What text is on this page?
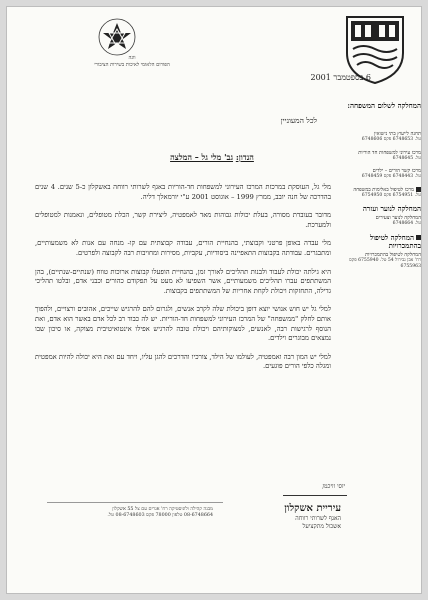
ווגה
הפורום הלאומי לאיכות בשירות הציבורי
6 בספטמבר 2001
המחלקה לשלום המשפחה:
לכל המעוניין
הנדון: גב' מלי גל – המלצה

מלי גל, העוסקת במרכזת המרכז העירוני למשפחות חד-הוריות באגף לשרותי רווחה באשקלון כ-5 שנים. 4 שנים בהדרכה של חנה יובב, ממרץ 1999 – אוגוסט 2001 ע"י יורמאלך דליה.

מדובר בעובדת מסורה, בעלת יכולות גבוהות מאד לאמפטיה, ליצירת קשר, הכלת מטופלים, ונאמנות למטופלים ולמערכת.

מלי עבדה באופן פרטני וקבוצתי, בהנחיית הורים, עבודה קבוצתית עם קו- מנחה עם אנות לא משמעותיים, ומתבגרים. עבודתה בקבוצות התאפיינה ביסודיות, עקביות, מסירות ומחויבות רבה לקבוצה ולפרטים.

היא גילתה יכולת לעבוד ולבנות תהליכים לאורך זמן, בהנחיית הופעלו קבוצות ארוכות טווח (שנתיים-שנתיים), בהן המשתתפים עברו תהליכים משמעותיים, אשר השפיעו לא מעט על תפקודם כהורים וכבני אדם, ובלטו תהליכי גדילה, התחזקות ויכולת לקחת אחריות של המשתתפים בקבוצות.

למלי גל יש חוש אנושי יוצא דופן ביכולת שלה לקרב אנשים, ולגרום להם להרגיש שייכים, אהובים ורצויים, ולהפוך אותם לחלק "ממשפחה" של המרכז העירוני למשפחות חד-הוריות. יש לה כבוד רב לכל אדם באשר הוא אדם, ואת הנוסף לרגישות רבה, לאנשים, למצוקותיהם ויכולת טובה להרגיש אפילו אינטואיטיבית מצוקה, או סיכון שבו נמצאים מבוגרים וילדים.

למלי יש המון רבה ואמפטיה, לעולמו של הילד, צורכיו והדרכים להגן עליו, ויחד עם זאת היא יכולה להיות אמפטית ומגלה כלפי הורים פוגעים.

תחנה לייעוץ בתי נישואין
טל. 6748653 פקס 6748606
מרכז עירוני למשפחות חד הוריות
טל. 6748645
מרכז קשר הורים – ילדים
טל. 6748443 פקס 6748459
מרכז לטיפול באלימות במשפחה
טל. 6754951 פקס 6754950
המחלקה לנוער ועזרה
המחלקה לנוער וצעירים
טל. 6748664
המחלקה לטיפול בהתמכרויות
המחלקה לטיפול בהתמכרויות
רח' אבן גבירול 54 טל. 6755940 פקס 6755963
יוסי וויכמן
עיריית אשקלון
האגף לשרותי רווחה
אשכול מתקציעל
מבנה קהילה ולוגיסטיקה רח' אגרים עם צל 55 אשקלון
08-6748664 טלפון 78000 פקס 08-6748603 טל.
